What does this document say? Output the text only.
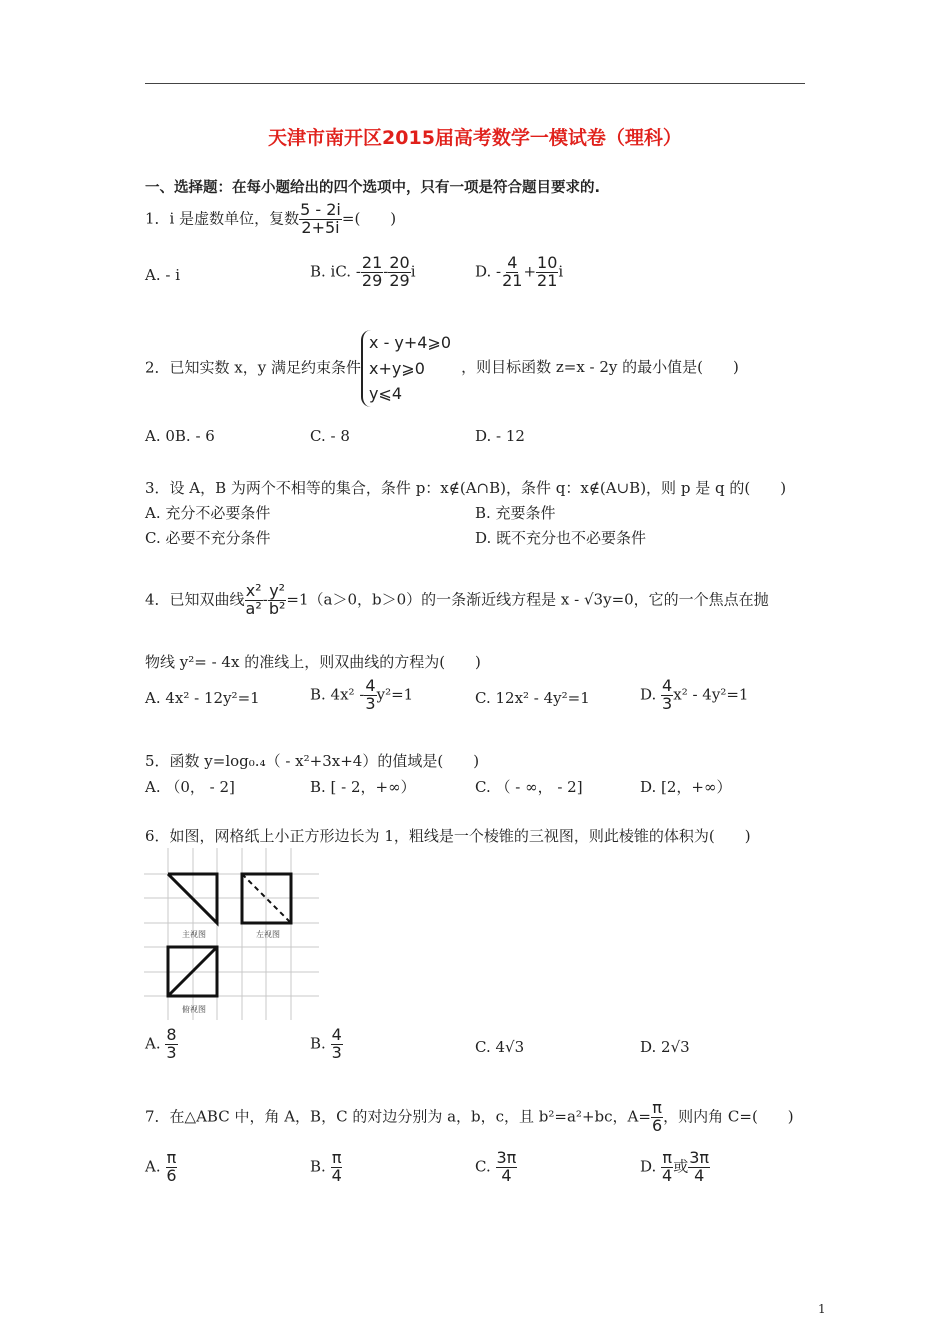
天津市南开区2015届高考数学一模试卷（理科）
一、选择题：在每小题给出的四个选项中，只有一项是符合题目要求的.
1．i 是虚数单位，复数 $\frac{5 - 2i}{2+5i}$ =(　　)
A. - i	B. iC. - $\frac{21}{29} - \frac{20}{29}$ i	D. - $\frac{4}{21} + \frac{10}{21}$ i
2．已知实数 x，y 满足约束条件x - y+4⩾0
x+y⩾0
y⩽4，则目标函数 z=x - 2y 的最小值是(　　)
A. 0B. - 6	C. - 8	D. - 12
3．设 A，B 为两个不相等的集合，条件 p：x∉(A∩B)，条件 q：x∉(A∪B)，则 p 是 q 的(　　)
A. 充分不必要条件	B. 充要条件
C. 必要不充分条件	D. 既不充分也不必要条件
4．已知双曲线 $\frac{\text{x²}}{\text{a²}} - \frac{\text{y²}}{\text{b²}} =1(a>0$，b＞0）的一条渐近线方程是 x - √3y=0，它的一个焦点在抛
物线 y²= - 4x 的准线上，则双曲线的方程为(　　)
A. 4x² - 12y²=1	B. $4x^2 - \frac{4}{3} y^2=1$	C. 12x² - 4y²=1	D. $\frac{4}{3} x^2 - 4y^2=1$
5．函数 y=log₀.₄（ - x²+3x+4）的值域是(　　)
A. （0， - 2]	B. [ - 2，+∞）	C. （ - ∞， - 2]	D. [2，+∞）
6．如图，网格纸上小正方形边长为 1，粗线是一个棱锥的三视图，则此棱锥的体积为(　　)
主视图	左视图
俯视图
A. $\frac{8}{3}$	B. $\frac{4}{3}$	C. 4√3	D. 2√3
7．在△ABC 中，角 A，B，C 的对边分别为 a，b，c，且 b²=a²+bc，$A= \frac{\pi}{6}$ ，则内角 C=(　　)
A. $\frac{\pi}{6}$	B. $\frac{\pi}{4}$	C. $\frac{3\pi}{4}$	D. $\frac{\pi}{4}$ 或 $\frac{3\pi}{4}$
1
